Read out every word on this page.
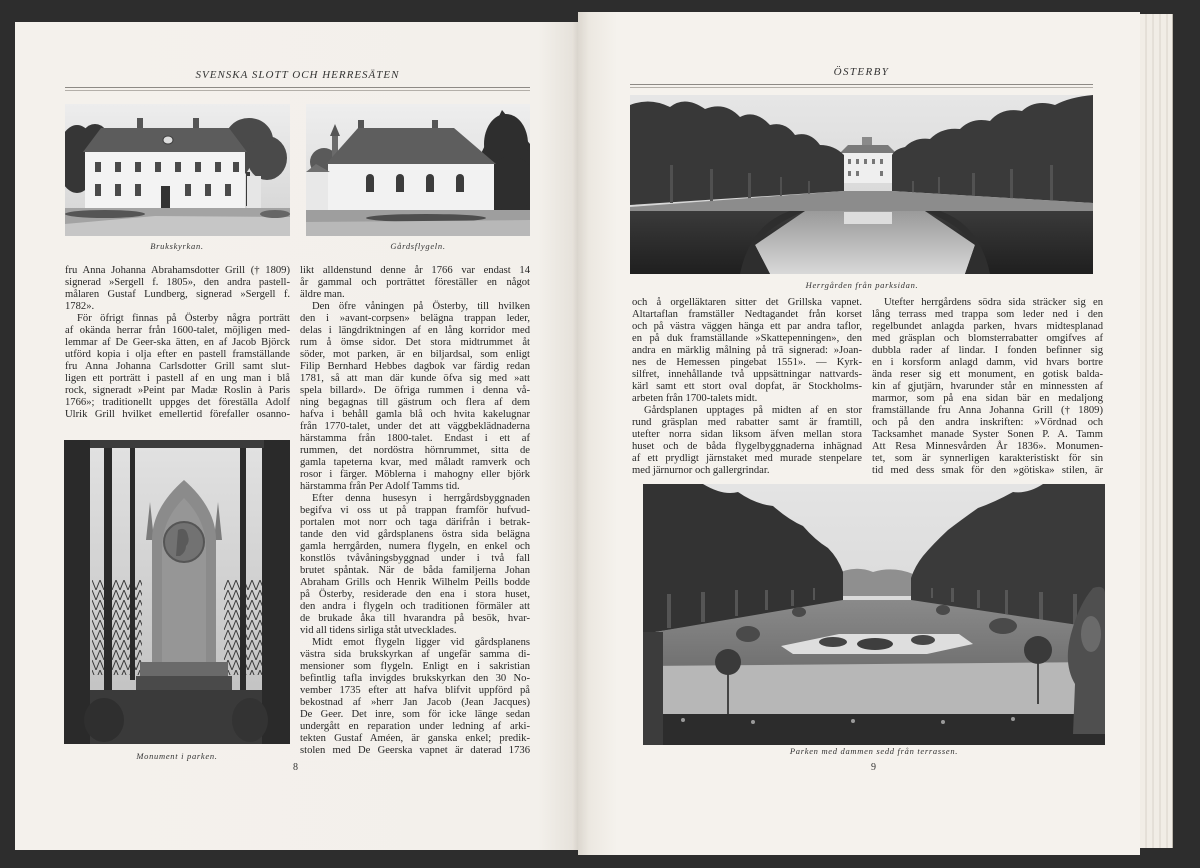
SVENSKA SLOTT OCH HERRESÄTEN
Brukskyrkan.	Gårdsflygeln.
fru Anna Johanna Abrahamsdotter Grill († 1809)
signerad »Sergell f. 1805», den andra pastell-
målaren Gustaf Lundberg, signerad »Sergell f.
1782».
För öfrigt finnas på Österby några porträtt
af okända herrar från 1600-talet, möjligen med-
lemmar af De Geer-ska ätten, en af Jacob Björck
utförd kopia i olja efter en pastell framställande
fru Anna Johanna Carlsdotter Grill samt slut-
ligen ett porträtt i pastell af en ung man i blå
rock, signeradt »Peint par Madæ Roslin à Paris
1766»; traditionellt uppges det föreställa Adolf
Ulrik Grill hvilket emellertid förefaller osanno-
Monument i parken.
likt alldenstund denne år 1766 var endast 14
år gammal och porträttet föreställer en något
äldre man.
Den öfre våningen på Österby, till hvilken
den i »avant-corpsen» belägna trappan leder,
delas i längdriktningen af en lång korridor med
rum å ömse sidor. Det stora midtrummet åt
söder, mot parken, är en biljardsal, som enligt
Filip Bernhard Hebbes dagbok var färdig redan
1781, så att man där kunde öfva sig med »att
spela billard». De öfriga rummen i denna vå-
ning begagnas till gästrum och flera af dem
hafva i behåll gamla blå och hvita kakelugnar
från 1770-talet, under det att väggbeklädnaderna
härstamma från 1800-talet. Endast i ett af
rummen, det nordöstra hörnrummet, sitta de
gamla tapeterna kvar, med måladt ramverk och
rosor i färger. Möblerna i mahogny eller björk
härstamma från Per Adolf Tamms tid.
Efter denna husesyn i herrgårdsbyggnaden
begifva vi oss ut på trappan framför hufvud-
portalen mot norr och taga därifrån i betrak-
tande den vid gårdsplanens östra sida belägna
gamla herrgården, numera flygeln, en enkel och
konstlös tvåvåningsbyggnad under i två fall
brutet spåntak. När de båda familjerna Johan
Abraham Grills och Henrik Wilhelm Peills bodde
på Österby, residerade den ena i stora huset,
den andra i flygeln och traditionen förmäler att
de brukade åka till hvarandra på besök, hvar-
vid all tidens sirliga ståt utvecklades.
Midt emot flygeln ligger vid gårdsplanens
västra sida brukskyrkan af ungefär samma di-
mensioner som flygeln. Enligt en i sakristian
befintlig tafla invigdes brukskyrkan den 30 No-
vember 1735 efter att hafva blifvit uppförd på
bekostnad af »herr Jan Jacob (Jean Jacques)
De Geer. Det inre, som för icke länge sedan
undergått en reparation under ledning af arki-
tekten Gustaf Améen, är ganska enkel; predik-
stolen med De Geerska vapnet är daterad 1736
8
ÖSTERBY
Herrgården från parksidan.
och å orgelläktaren sitter det Grillska vapnet.
Altartaflan framställer Nedtagandet från korset
och på västra väggen hänga ett par andra taflor,
en på duk framställande »Skattepenningen», den
andra en märklig målning på trä signerad: »Joan-
nes de Hemessen pingebat 1551». — Kyrk-
silfret, innehållande två uppsättningar nattvards-
kärl samt ett stort oval dopfat, är Stockholms-
arbeten från 1700-talets midt.
Gårdsplanen upptages på midten af en stor
rund gräsplan med rabatter samt är framtill,
utefter norra sidan liksom äfven mellan stora
huset och de båda flygelbyggnaderna inhägnad
af ett prydligt järnstaket med murade stenpelare
med järnurnor och gallergrindar.
Utefter herrgårdens södra sida sträcker sig en
lång terrass med trappa som leder ned i den
regelbundet anlagda parken, hvars midtesplanad
med gräsplan och blomsterrabatter omgifves af
dubbla rader af lindar. I fonden befinner sig
en i korsform anlagd damm, vid hvars bortre
ända reser sig ett monument, en gotisk balda-
kin af gjutjärn, hvarunder står en minnessten af
marmor, som på ena sidan bär en medaljong
framställande fru Anna Johanna Grill († 1809)
och på den andra inskriften: »Vördnad och
Tacksamhet manade Syster Sonen P. A. Tamm
Att Resa Minnesvården År 1836». Monumen-
tet, som är synnerligen karakteristiskt för sin
tid med dess smak för den »götiska» stilen, är
Parken med dammen sedd från terrassen.
9
